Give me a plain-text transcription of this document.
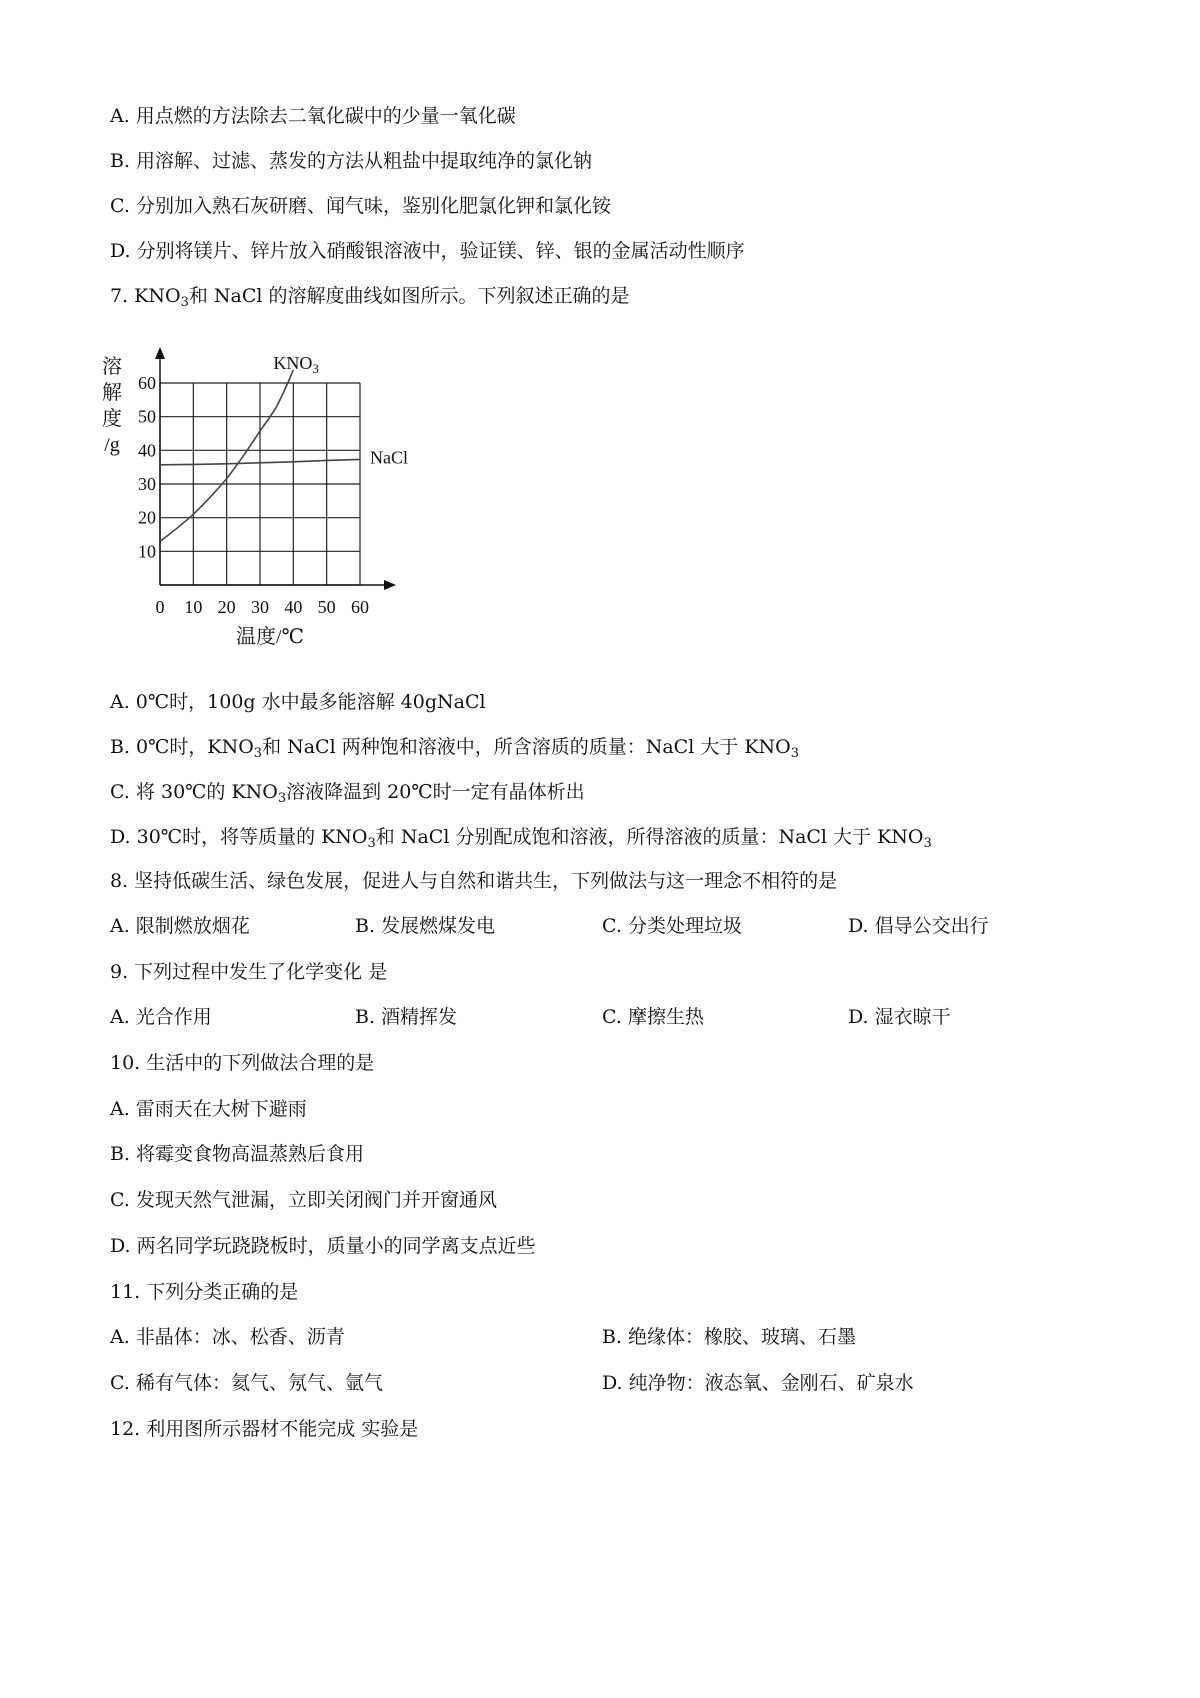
A. 用点燃的方法除去二氧化碳中的少量一氧化碳
B. 用溶解、过滤、蒸发的方法从粗盐中提取纯净的氯化钠
C. 分别加入熟石灰研磨、闻气味，鉴别化肥氯化钾和氯化铵
D. 分别将镁片、锌片放入硝酸银溶液中，验证镁、锌、银的金属活动性顺序
7. $KNO_3$和 NaCl 的溶解度曲线如图所示。下列叙述正确的是
10
20
30
40
50
60
0 10 20 30 40 50 60
溶
解
度
/g
温度/℃
$KNO_3$
NaCl
A. 0℃时，100g 水中最多能溶解 40gNaCl
B. 0℃时，$KNO_3$和 NaCl 两种饱和溶液中，所含溶质的质量：NaCl 大于 $KNO_3$
C. 将 30℃的 $KNO_3$溶液降温到 20℃时一定有晶体析出
D. 30℃时，将等质量的 $KNO_3$和 NaCl 分别配成饱和溶液，所得溶液的质量：NaCl 大于 $KNO_3$
8. 坚持低碳生活、绿色发展，促进人与自然和谐共生，下列做法与这一理念不相符的是
A. 限制燃放烟花	B. 发展燃煤发电	C. 分类处理垃圾	D. 倡导公交出行
9. 下列过程中发生了化学变化 是
A. 光合作用	B. 酒精挥发	C. 摩擦生热	D. 湿衣晾干
10. 生活中的下列做法合理的是
A. 雷雨天在大树下避雨
B. 将霉变食物高温蒸熟后食用
C. 发现天然气泄漏，立即关闭阀门并开窗通风
D. 两名同学玩跷跷板时，质量小的同学离支点近些
11. 下列分类正确的是
A. 非晶体：冰、松香、沥青	B. 绝缘体：橡胶、玻璃、石墨
C. 稀有气体：氦气、氖气、氩气	D. 纯净物：液态氧、金刚石、矿泉水
12. 利用图所示器材不能完成 实验是
